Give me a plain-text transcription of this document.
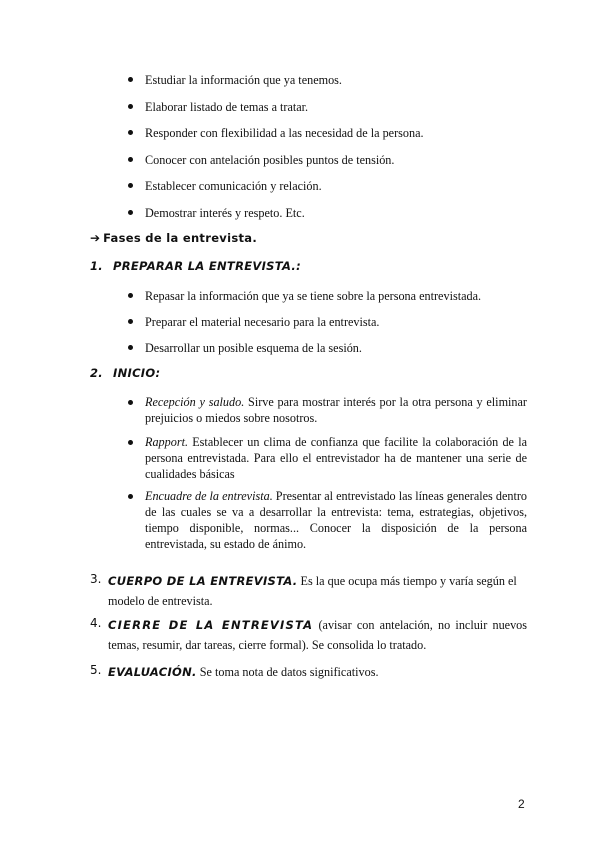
Estudiar la información que ya tenemos.
Elaborar listado de temas a tratar.
Responder con flexibilidad a las necesidad de la persona.
Conocer con antelación posibles puntos de tensión.
Establecer comunicación y relación.
Demostrar interés y respeto. Etc.
➔ Fases de la entrevista.
1. PREPARAR LA ENTREVISTA.:
Repasar la información que ya se tiene sobre la persona entrevistada.
Preparar el material necesario para la entrevista.
Desarrollar un posible esquema de la sesión.
2. INICIO:
Recepción y saludo. Sirve para mostrar interés por la otra persona y eliminar prejuicios o miedos sobre nosotros.
Rapport. Establecer un clima de confianza que facilite la colaboración de la persona entrevistada. Para ello el entrevistador ha de mantener una serie de cualidades básicas
Encuadre de la entrevista. Presentar al entrevistado las líneas generales dentro de las cuales se va a desarrollar la entrevista: tema, estrategias, objetivos, tiempo disponible, normas... Conocer la disposición de la persona entrevistada, su estado de ánimo.
3. CUERPO DE LA ENTREVISTA. Es la que ocupa más tiempo y varía según el modelo de entrevista.
4. CIERRE DE LA ENTREVISTA (avisar con antelación, no incluir nuevos temas, resumir, dar tareas, cierre formal). Se consolida lo tratado.
5. EVALUACIÓN. Se toma nota de datos significativos.
2
